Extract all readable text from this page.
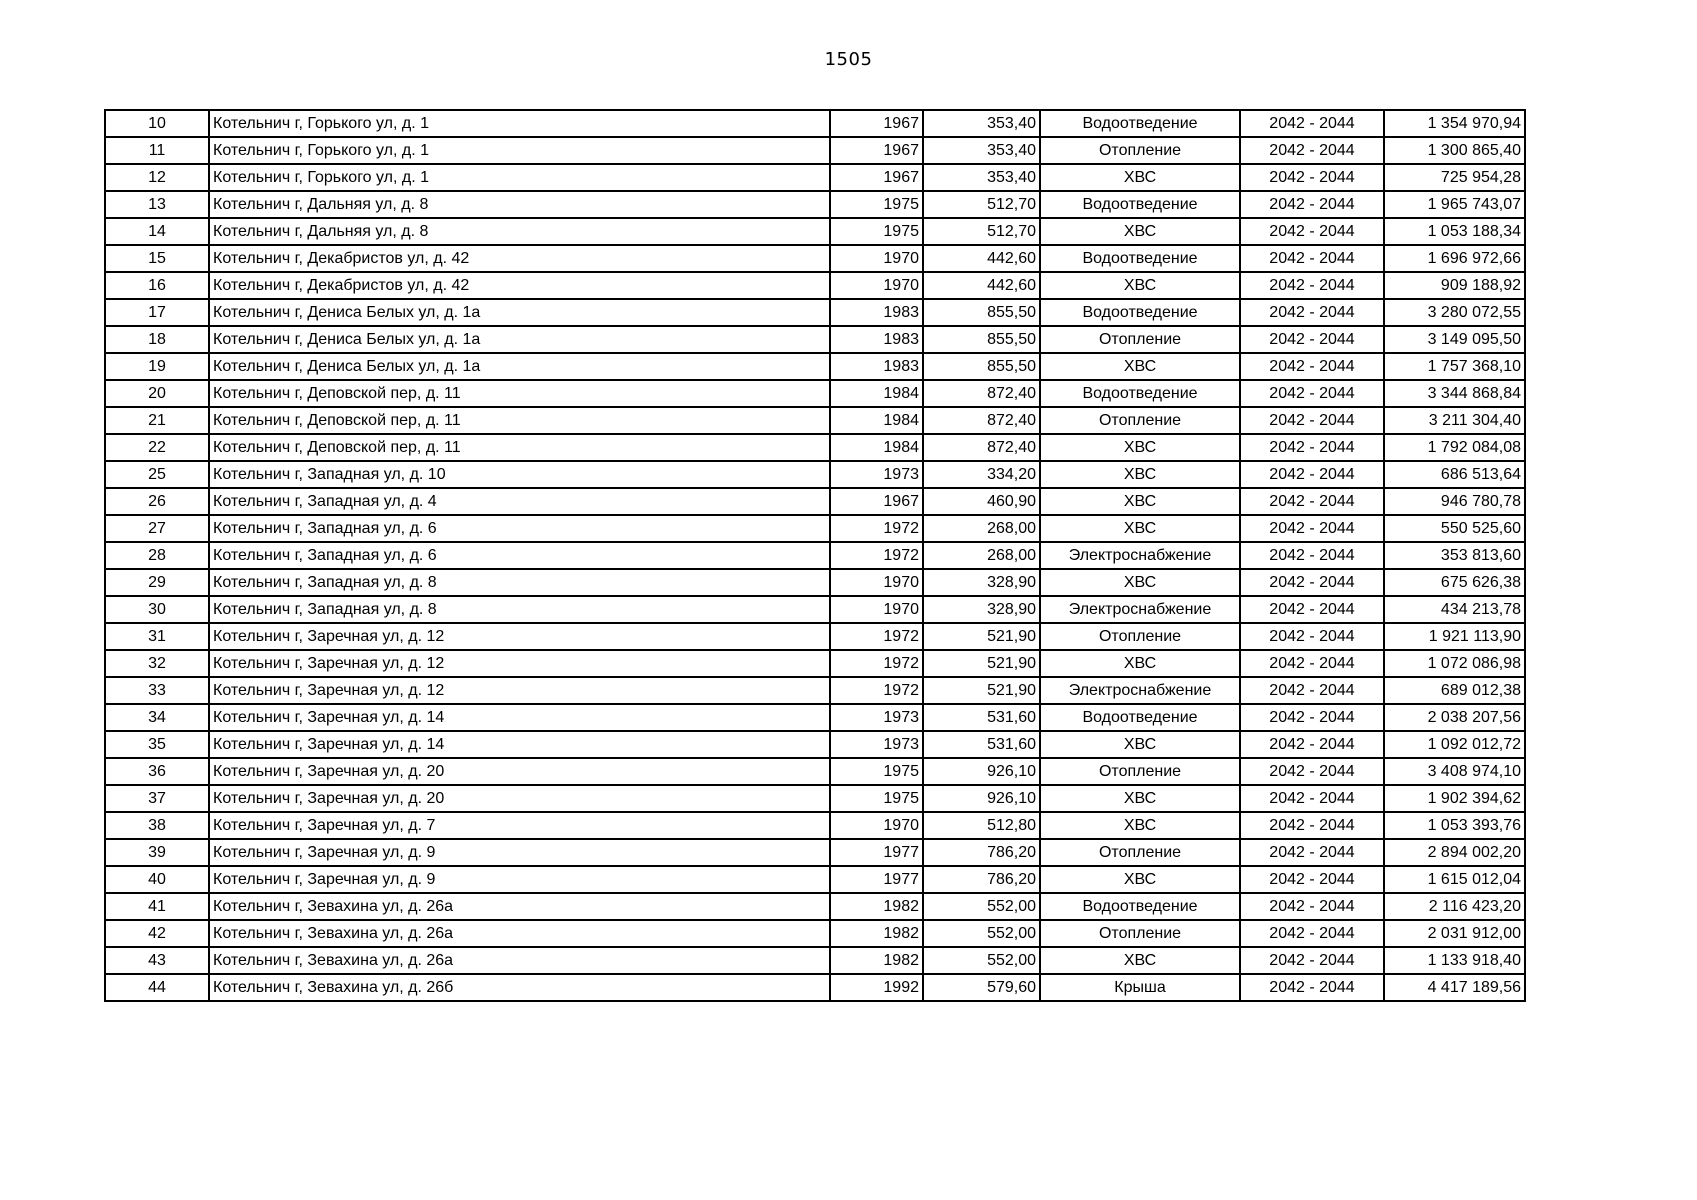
1505
10	Котельнич г, Горького ул, д. 1	1967	353,40	Водоотведение	2042 - 2044	1 354 970,94
11	Котельнич г, Горького ул, д. 1	1967	353,40	Отопление	2042 - 2044	1 300 865,40
12	Котельнич г, Горького ул, д. 1	1967	353,40	ХВС	2042 - 2044	725 954,28
13	Котельнич г, Дальняя ул, д. 8	1975	512,70	Водоотведение	2042 - 2044	1 965 743,07
14	Котельнич г, Дальняя ул, д. 8	1975	512,70	ХВС	2042 - 2044	1 053 188,34
15	Котельнич г, Декабристов ул, д. 42	1970	442,60	Водоотведение	2042 - 2044	1 696 972,66
16	Котельнич г, Декабристов ул, д. 42	1970	442,60	ХВС	2042 - 2044	909 188,92
17	Котельнич г, Дениса Белых ул, д. 1а	1983	855,50	Водоотведение	2042 - 2044	3 280 072,55
18	Котельнич г, Дениса Белых ул, д. 1а	1983	855,50	Отопление	2042 - 2044	3 149 095,50
19	Котельнич г, Дениса Белых ул, д. 1а	1983	855,50	ХВС	2042 - 2044	1 757 368,10
20	Котельнич г, Деповской пер, д. 11	1984	872,40	Водоотведение	2042 - 2044	3 344 868,84
21	Котельнич г, Деповской пер, д. 11	1984	872,40	Отопление	2042 - 2044	3 211 304,40
22	Котельнич г, Деповской пер, д. 11	1984	872,40	ХВС	2042 - 2044	1 792 084,08
25	Котельнич г, Западная ул, д. 10	1973	334,20	ХВС	2042 - 2044	686 513,64
26	Котельнич г, Западная ул, д. 4	1967	460,90	ХВС	2042 - 2044	946 780,78
27	Котельнич г, Западная ул, д. 6	1972	268,00	ХВС	2042 - 2044	550 525,60
28	Котельнич г, Западная ул, д. 6	1972	268,00	Электроснабжение	2042 - 2044	353 813,60
29	Котельнич г, Западная ул, д. 8	1970	328,90	ХВС	2042 - 2044	675 626,38
30	Котельнич г, Западная ул, д. 8	1970	328,90	Электроснабжение	2042 - 2044	434 213,78
31	Котельнич г, Заречная ул, д. 12	1972	521,90	Отопление	2042 - 2044	1 921 113,90
32	Котельнич г, Заречная ул, д. 12	1972	521,90	ХВС	2042 - 2044	1 072 086,98
33	Котельнич г, Заречная ул, д. 12	1972	521,90	Электроснабжение	2042 - 2044	689 012,38
34	Котельнич г, Заречная ул, д. 14	1973	531,60	Водоотведение	2042 - 2044	2 038 207,56
35	Котельнич г, Заречная ул, д. 14	1973	531,60	ХВС	2042 - 2044	1 092 012,72
36	Котельнич г, Заречная ул, д. 20	1975	926,10	Отопление	2042 - 2044	3 408 974,10
37	Котельнич г, Заречная ул, д. 20	1975	926,10	ХВС	2042 - 2044	1 902 394,62
38	Котельнич г, Заречная ул, д. 7	1970	512,80	ХВС	2042 - 2044	1 053 393,76
39	Котельнич г, Заречная ул, д. 9	1977	786,20	Отопление	2042 - 2044	2 894 002,20
40	Котельнич г, Заречная ул, д. 9	1977	786,20	ХВС	2042 - 2044	1 615 012,04
41	Котельнич г, Зевахина ул, д. 26а	1982	552,00	Водоотведение	2042 - 2044	2 116 423,20
42	Котельнич г, Зевахина ул, д. 26а	1982	552,00	Отопление	2042 - 2044	2 031 912,00
43	Котельнич г, Зевахина ул, д. 26а	1982	552,00	ХВС	2042 - 2044	1 133 918,40
44	Котельнич г, Зевахина ул, д. 26б	1992	579,60	Крыша	2042 - 2044	4 417 189,56
